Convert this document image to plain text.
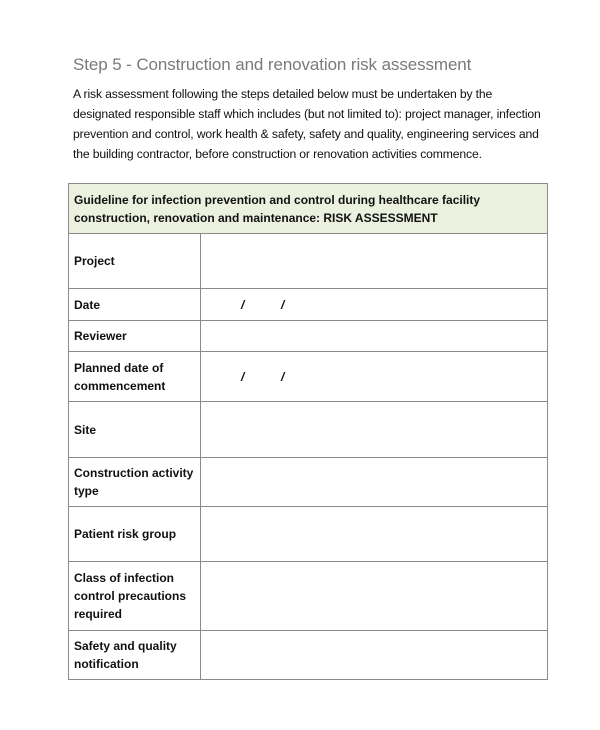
Step 5 - Construction and renovation risk assessment
A risk assessment following the steps detailed below must be undertaken by the designated responsible staff which includes (but not limited to): project manager, infection prevention and control, work health & safety, safety and quality, engineering services and the building contractor, before construction or renovation activities commence.
Guideline for infection prevention and control during healthcare facility construction, renovation and maintenance: RISK ASSESSMENT	
Project	
Date	/ /

Reviewer	
Planned date of commencement	/ /

Site	
Construction activity type	
Patient risk group	
Class of infection control precautions required	
Safety and quality notification	
